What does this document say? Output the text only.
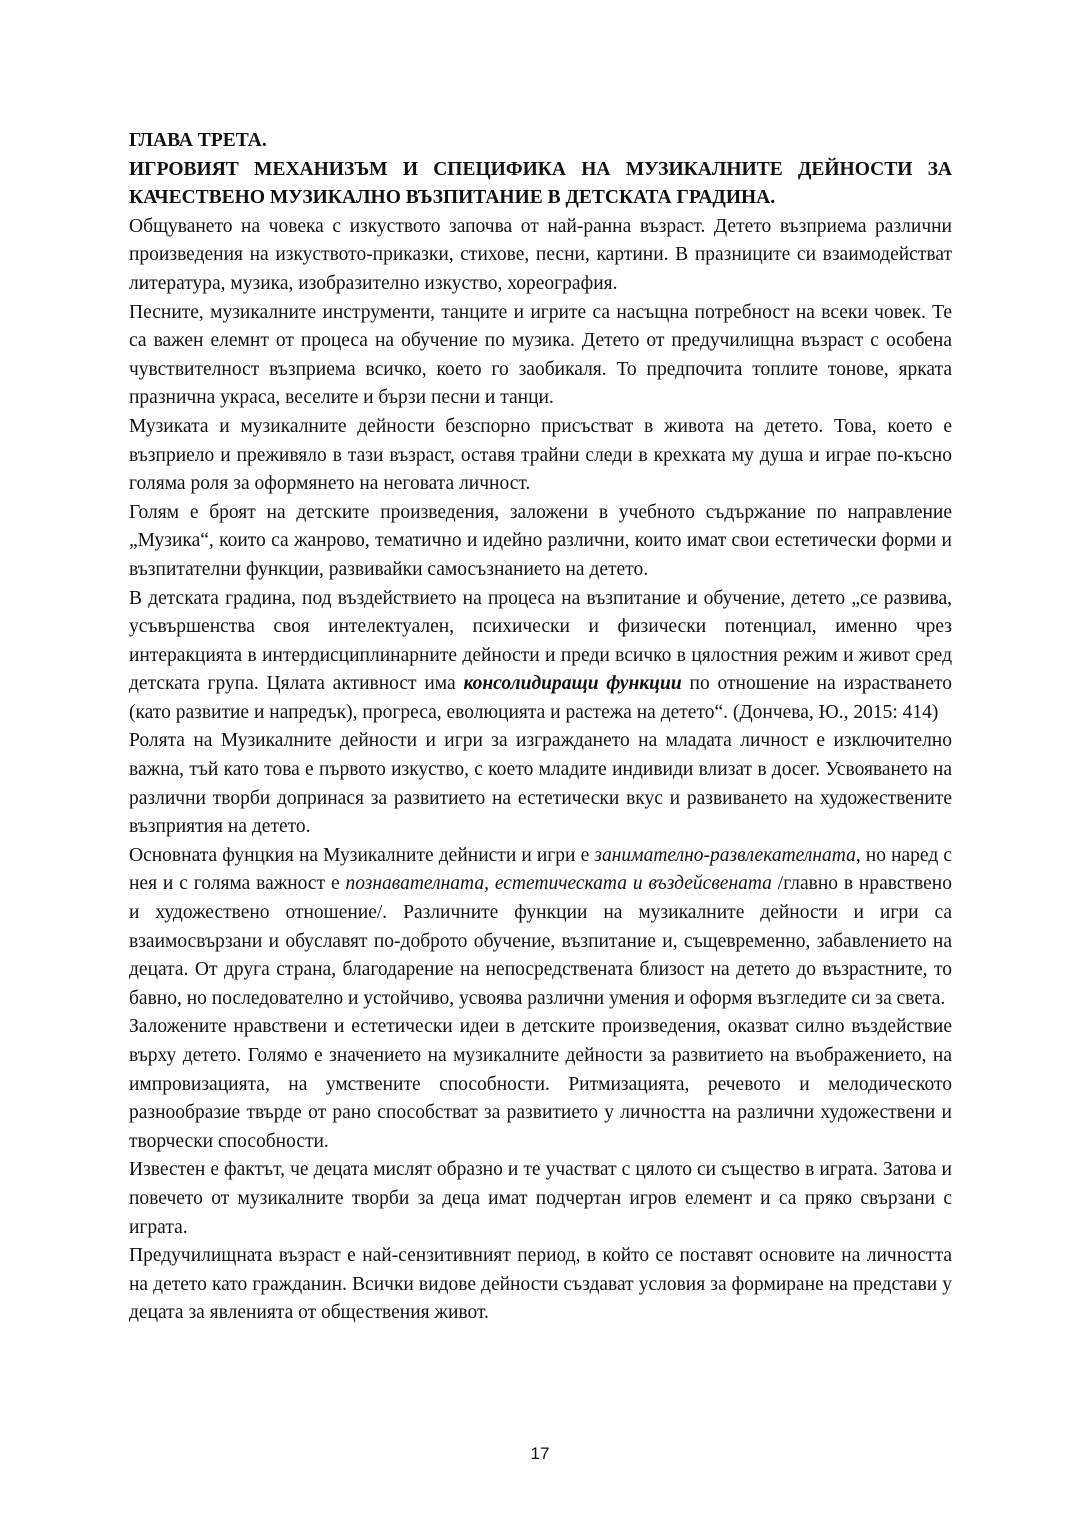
ГЛАВА ТРЕТА.

ИГРОВИЯТ МЕХАНИЗЪМ И СПЕЦИФИКА НА МУЗИКАЛНИТЕ ДЕЙНОСТИ ЗА КАЧЕСТВЕНО МУЗИКАЛНО ВЪЗПИТАНИЕ В ДЕТСКАТА ГРАДИНА.

Общуването на човека с изкуството започва от най-ранна възраст. Детето възприема различни произведения на изкуството-приказки, стихове, песни, картини. В празниците си взаимодействат литература, музика, изобразително изкуство, хореография.

Песните, музикалните инструменти, танците и игрите са насъщна потребност на всеки човек. Те са важен елемнт от процеса на обучение по музика. Детето от предучилищна възраст с особена чувствителност възприема всичко, което го заобикаля. То предпочита топлите тонове, ярката празнична украса, веселите и бързи песни и танци.

Музиката и музикалните дейности безспорно присъстват в живота на детето. Това, което е възприело и преживяло в тази възраст, оставя трайни следи в крехката му душа и играе по-късно голяма роля за оформянето на неговата личност.

Голям е броят на детските произведения, заложени в учебното съдържание по направление „Музика“, които са жанрово, тематично и идейно различни, които имат свои естетически форми и възпитателни функции, развивайки самосъзнанието на детето.

В детската градина, под въздействието на процеса на възпитание и обучение, детето „се развива, усъвършенства своя интелектуален, психически и физически потенциал, именно чрез интеракцията в интердисциплинарните дейности и преди всичко в цялостния режим и живот сред детската група. Цялата активност има консолидиращи функции по отношение на израстването (като развитие и напредък), прогреса, еволюцията и растежа на детето“. (Дончева, Ю., 2015: 414)

Ролята на Музикалните дейности и игри за изграждането на младата личност е изключително важна, тъй като това е първото изкуство, с което младите индивиди влизат в досег. Усвояването на различни творби допринася за развитието на естетически вкус и развиването на художествените възприятия на детето.

Основната фунцкия на Музикалните дейнисти и игри е занимателно-развлекателната, но наред с нея и с голяма важност е познавателната, естетическата и въздейсвената /главно в нравствено и художествено отношение/. Различните функции на музикалните дейности и игри са взаимосвързани и обуславят по-доброто обучение, възпитание и, същевременно, забавлението на децата. От друга страна, благодарение на непосредствената близост на детето до възрастните, то бавно, но последователно и устойчиво, усвоява различни умения и оформя възгледите си за света.

Заложените нравствени и естетически идеи в детските произведения, оказват силно въздействие върху детето. Голямо е значението на музикалните дейности за развитието на въображението, на импровизацията, на умствените способности. Ритмизацията, речевото и мелодическото разнообразие твърде от рано способстват за развитието у личността на различни художествени и творчески способности.

Известен е фактът, че децата мислят образно и те участват с цялото си същество в играта. Затова и повечето от музикалните творби за деца имат подчертан игров елемент и са пряко свързани с играта.

Предучилищната възраст е най-сензитивният период, в който се поставят основите на личността на детето като гражданин. Всички видове дейности създават условия за формиране на представи у децата за явленията от обществения живот.

17
